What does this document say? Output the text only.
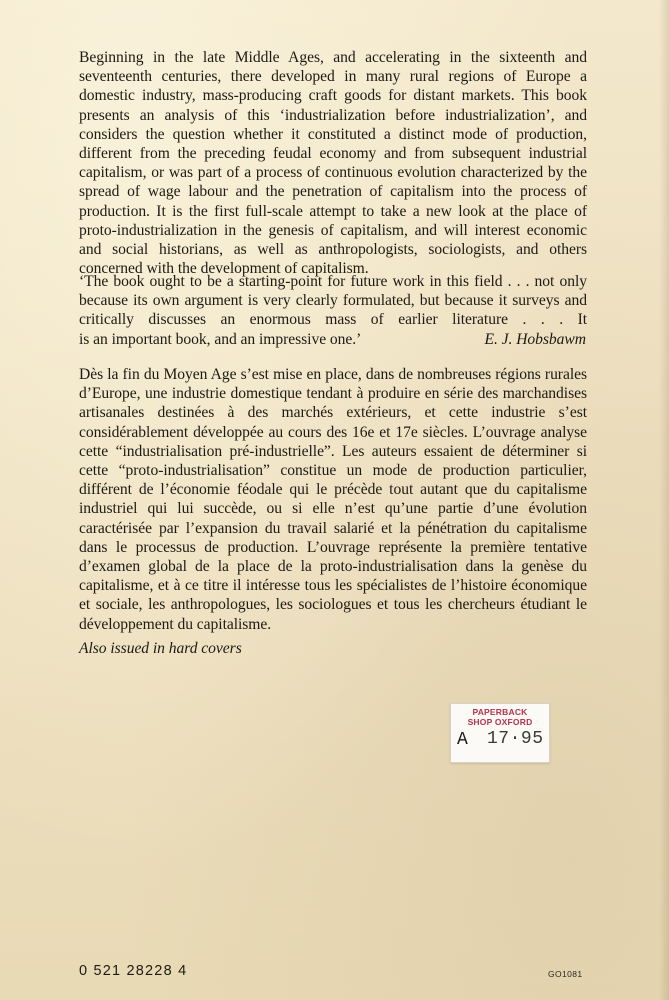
Beginning in the late Middle Ages, and accelerating in the sixteenth and seventeenth centuries, there developed in many rural regions of Europe a domestic industry, mass-producing craft goods for distant markets. This book presents an analysis of this ‘industrialization before industrialization’, and considers the question whether it constituted a distinct mode of production, different from the preceding feudal economy and from subsequent industrial capitalism, or was part of a process of continuous evolution characterized by the spread of wage labour and the penetration of capitalism into the process of production. It is the first full-scale attempt to take a new look at the place of proto-industrialization in the genesis of capitalism, and will interest economic and social historians, as well as anthropologists, sociologists, and others concerned with the development of capitalism.

‘The book ought to be a starting-point for future work in this field . . . not only because its own argument is very clearly formulated, but because it surveys and critically discusses an enormous mass of earlier literature . . . It
is an important book, and an impressive one.’	E. J. Hobsbawm

Dès la fin du Moyen Age s’est mise en place, dans de nombreuses régions rurales d’Europe, une industrie domestique tendant à produire en série des marchandises artisanales destinées à des marchés extérieurs, et cette industrie s’est considérablement développée au cours des 16e et 17e siècles. L’ouvrage analyse cette “industrialisation pré-industrielle”. Les auteurs essaient de déterminer si cette “proto-industrialisation” constitue un mode de production particulier, différent de l’économie féodale qui le précède tout autant que du capitalisme industriel qui lui succède, ou si elle n’est qu’une partie d’une évolution caractérisée par l’expansion du travail salarié et la pénétration du capitalisme dans le processus de production. L’ouvrage représente la première tentative d’examen global de la place de la proto-industrialisation dans la genèse du capitalisme, et à ce titre il intéresse tous les spécialistes de l’histoire économique et sociale, les anthropologues, les sociologues et tous les chercheurs étudiant le développement du capitalisme.

Also issued in hard covers

PAPERBACK
SHOP OXFORD
A 17·95
0 521 28228 4	GO1081
